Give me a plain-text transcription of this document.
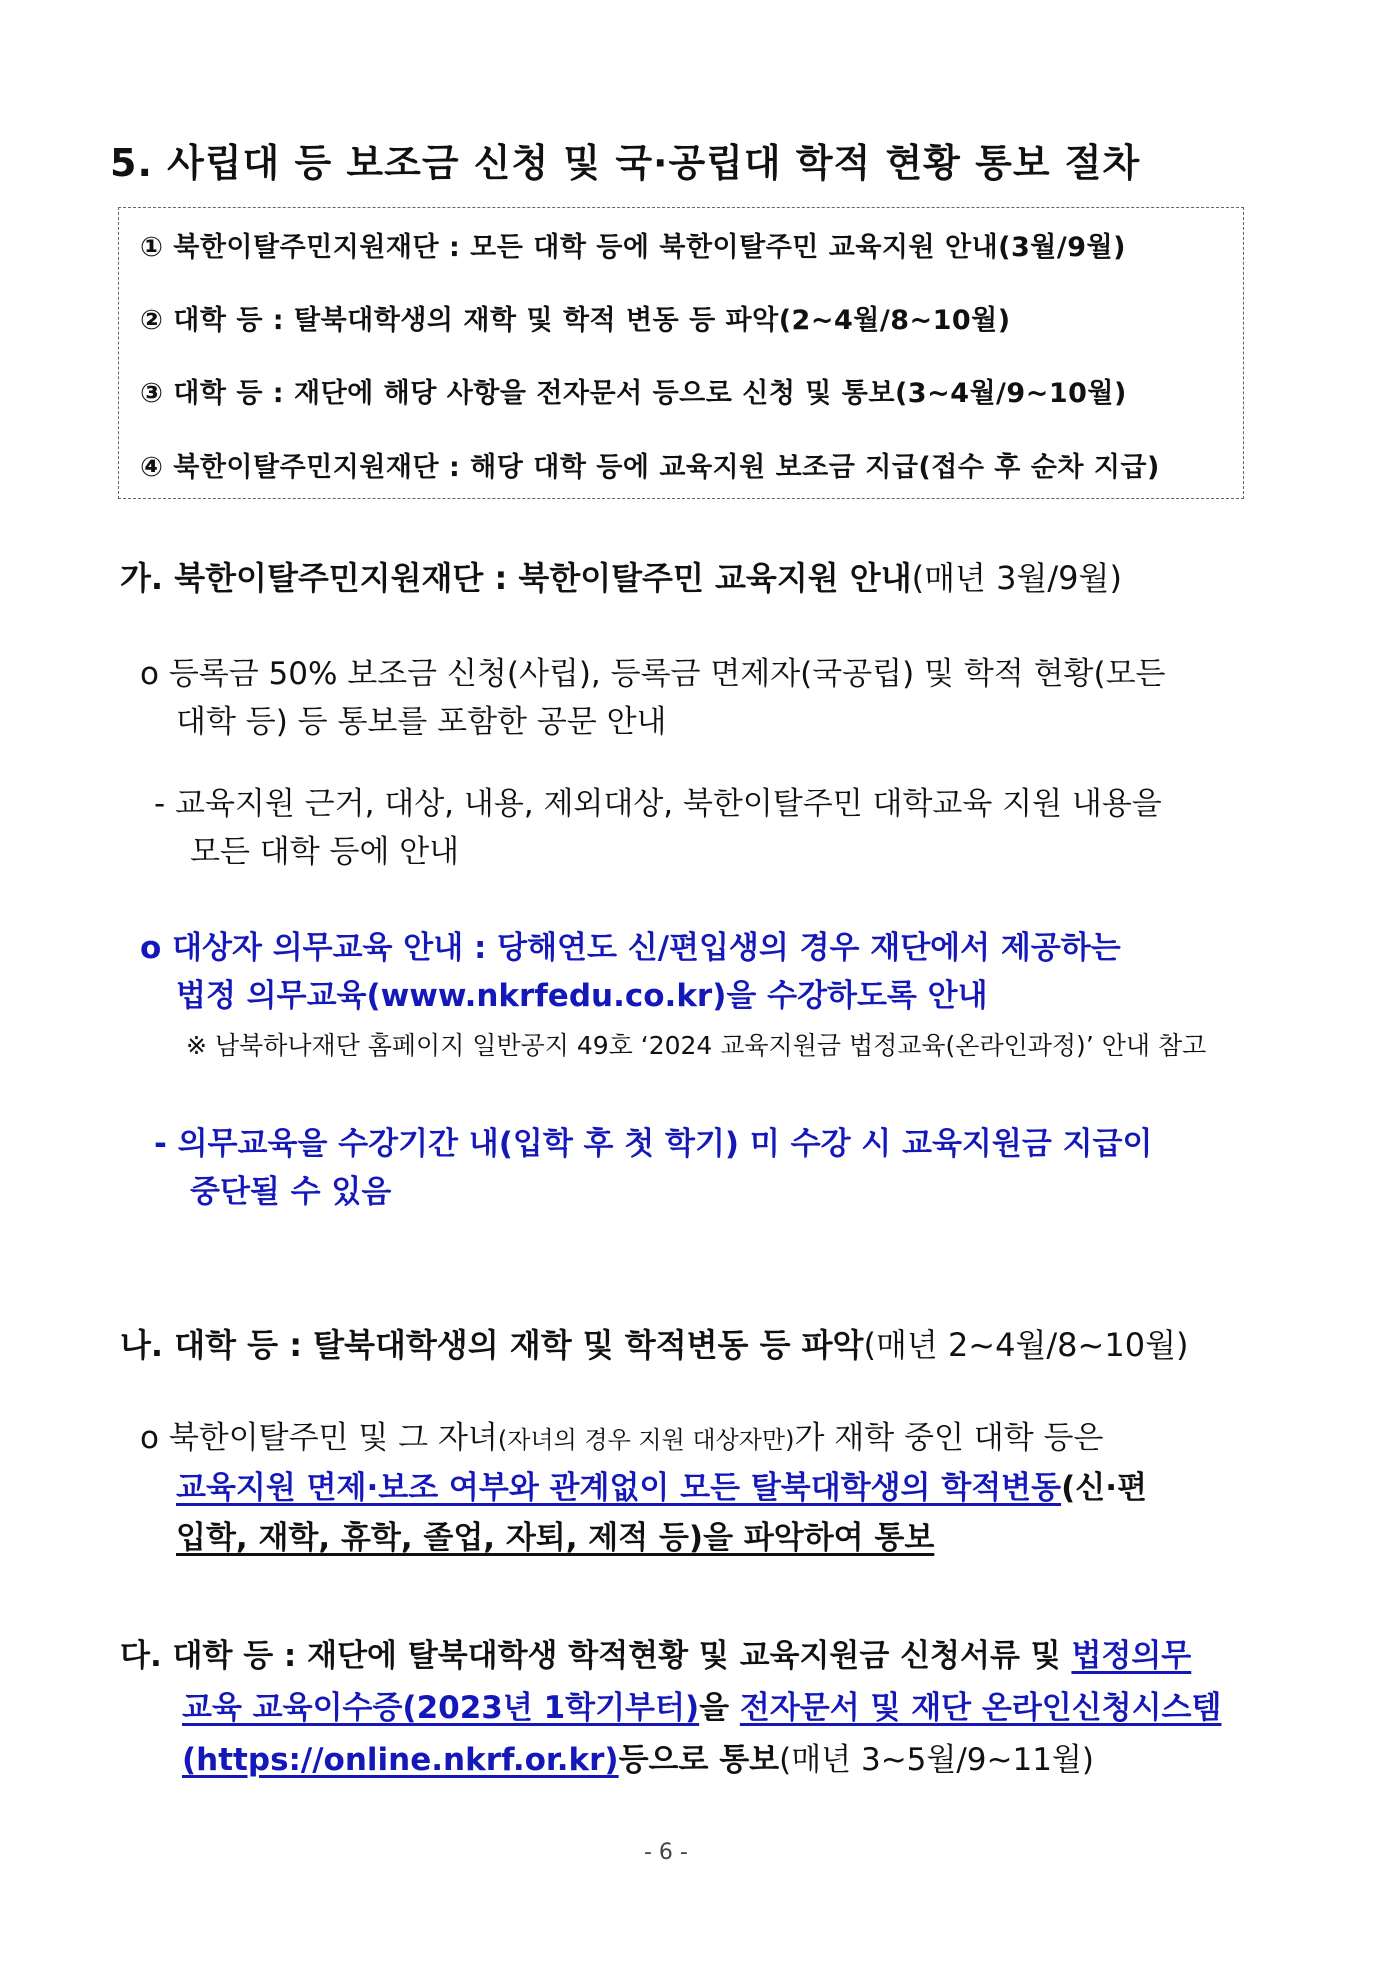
5. 사립대 등 보조금 신청 및 국·공립대 학적 현황 통보 절차
① 북한이탈주민지원재단 : 모든 대학 등에 북한이탈주민 교육지원 안내(3월/9월)
② 대학 등 : 탈북대학생의 재학 및 학적 변동 등 파악(2~4월/8~10월)
③ 대학 등 : 재단에 해당 사항을 전자문서 등으로 신청 및 통보(3~4월/9~10월)
④ 북한이탈주민지원재단 : 해당 대학 등에 교육지원 보조금 지급(접수 후 순차 지급)
가. 북한이탈주민지원재단 : 북한이탈주민 교육지원 안내(매년 3월/9월)
o 등록금 50% 보조금 신청(사립), 등록금 면제자(국공립) 및 학적 현황(모든
대학 등) 등 통보를 포함한 공문 안내
- 교육지원 근거, 대상, 내용, 제외대상, 북한이탈주민 대학교육 지원 내용을
모든 대학 등에 안내
o 대상자 의무교육 안내 : 당해연도 신/편입생의 경우 재단에서 제공하는
법정 의무교육(www.nkrfedu.co.kr)을 수강하도록 안내
※ 남북하나재단 홈페이지 일반공지 49호 ‘2024 교육지원금 법정교육(온라인과정)’ 안내 참고
- 의무교육을 수강기간 내(입학 후 첫 학기) 미 수강 시 교육지원금 지급이
중단될 수 있음
나. 대학 등 : 탈북대학생의 재학 및 학적변동 등 파악(매년 2~4월/8~10월)
o 북한이탈주민 및 그 자녀(자녀의 경우 지원 대상자만)가 재학 중인 대학 등은
교육지원 면제·보조 여부와 관계없이 모든 탈북대학생의 학적변동(신·편
입학, 재학, 휴학, 졸업, 자퇴, 제적 등)을 파악하여 통보
다. 대학 등 : 재단에 탈북대학생 학적현황 및 교육지원금 신청서류 및 법정의무
교육 교육이수증(2023년 1학기부터)을 전자문서 및 재단 온라인신청시스템
(https://online.nkrf.or.kr)등으로 통보(매년 3~5월/9~11월)
- 6 -
